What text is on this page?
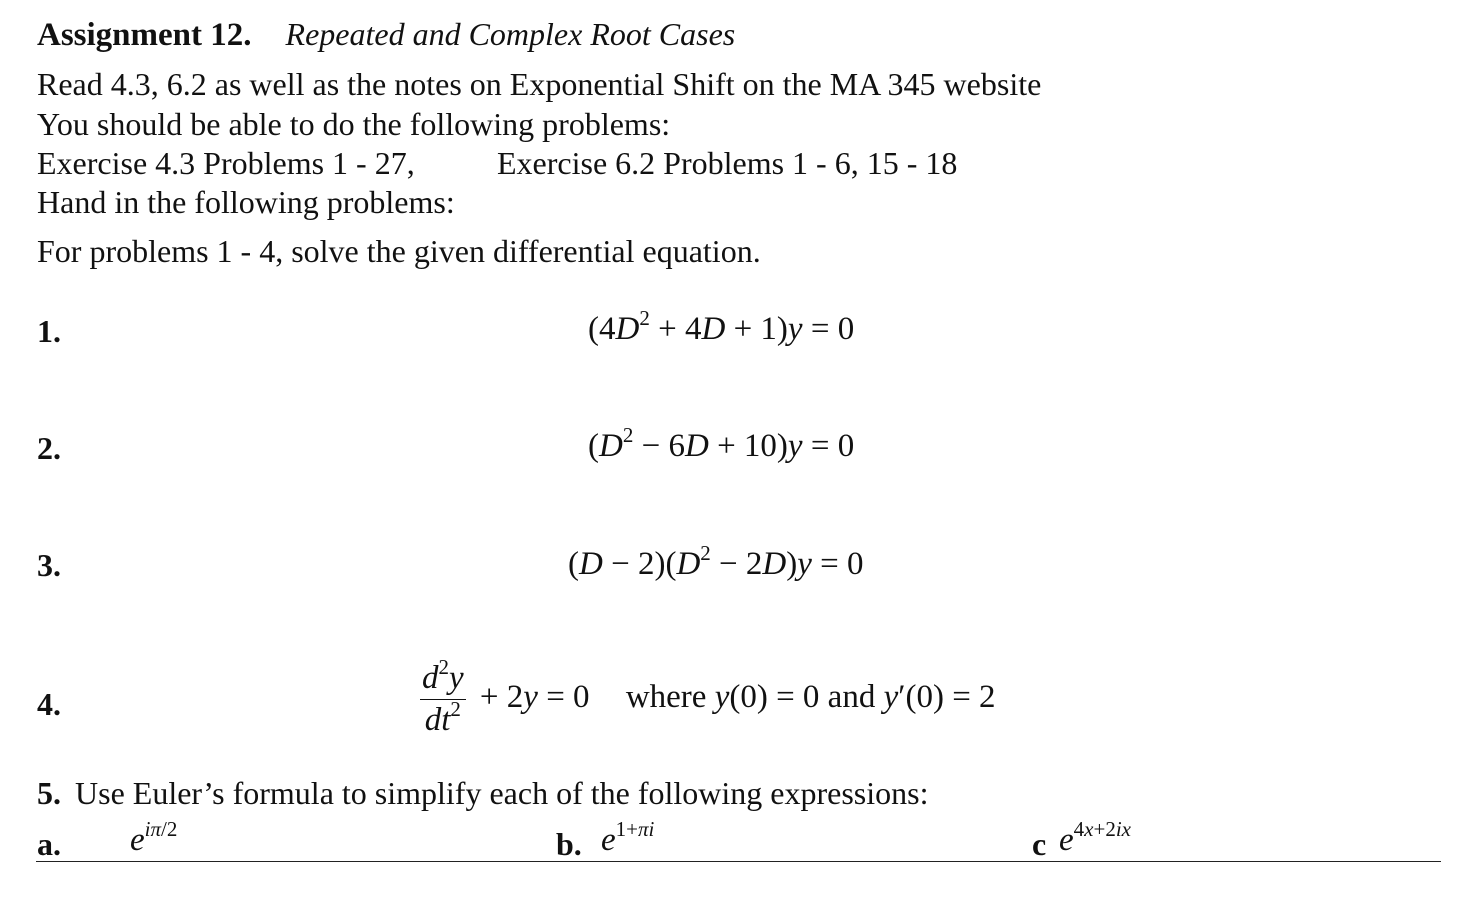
Assignment 12. Repeated and Complex Root Cases
Read 4.3, 6.2 as well as the notes on Exponential Shift on the MA 345 website
You should be able to do the following problems:
Exercise 4.3 Problems 1 - 27,	Exercise 6.2 Problems 1 - 6, 15 - 18
Hand in the following problems:
For problems 1 - 4, solve the given differential equation.
1.	$(4D^2 + 4D + 1)y = 0$
2.	$(D^2 - 6D + 10)y = 0$
3.	$(D - 2)(D^2 - 2D)y = 0$
4.	$\frac{d^2y}{dt^2} + 2y = 0$ where y(0) = 0 and y′(0) = 2
5. Use Euler’s formula to simplify each of the following expressions:
a. $e^{i\pi/2}$	b. $e^{1+\pi i}$	c $e^{4x+2ix}$
